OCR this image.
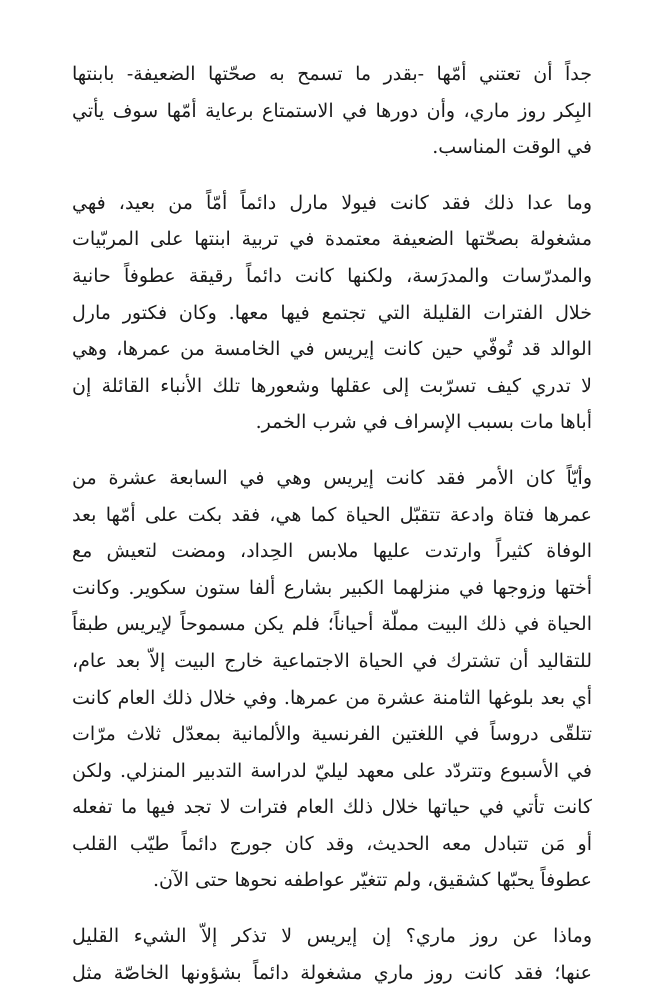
جداً أن تعتني أمّها -بقدر ما تسمح به صحّتها الضعيفة- بابنتها
البِكر روز ماري، وأن دورها في الاستمتاع برعاية أمّها سوف يأتي
في الوقت المناسب.

وما عدا ذلك فقد كانت فيولا مارل دائماً أمّاً من بعيد، فهي
مشغولة بصحّتها الضعيفة معتمدة في تربية ابنتها على المربّيات
والمدرّسات والمدرَسة، ولكنها كانت دائماً رقيقة عطوفاً حانية
خلال الفترات القليلة التي تجتمع فيها معها. وكان فكتور مارل
الوالد قد تُوفّي حين كانت إيريس في الخامسة من عمرها، وهي
لا تدري كيف تسرّبت إلى عقلها وشعورها تلك الأنباء القائلة إن
أباها مات بسبب الإسراف في شرب الخمر.

وأيّاً كان الأمر فقد كانت إيريس وهي في السابعة عشرة من
عمرها فتاة وادعة تتقبّل الحياة كما هي، فقد بكت على أمّها بعد
الوفاة كثيراً وارتدت عليها ملابس الحِداد، ومضت لتعيش مع
أختها وزوجها في منزلهما الكبير بشارع ألفا ستون سكوير. وكانت
الحياة في ذلك البيت مملّة أحياناً؛ فلم يكن مسموحاً لإيريس طبقاً
للتقاليد أن تشترك في الحياة الاجتماعية خارج البيت إلاّ بعد عام،
أي بعد بلوغها الثامنة عشرة من عمرها. وفي خلال ذلك العام كانت
تتلقّى دروساً في اللغتين الفرنسية والألمانية بمعدّل ثلاث مرّات
في الأسبوع وتتردّد على معهد ليليّ لدراسة التدبير المنزلي. ولكن
كانت تأتي في حياتها خلال ذلك العام فترات لا تجد فيها ما تفعله
أو مَن تتبادل معه الحديث، وقد كان جورج دائماً طيّب القلب
عطوفاً يحبّها كشقيق، ولم تتغيّر عواطفه نحوها حتى الآن.

وماذا عن روز ماري؟ إن إيريس لا تذكر إلاّ الشيء القليل
عنها؛ فقد كانت روز ماري مشغولة دائماً بشؤونها الخاصّة مثل
